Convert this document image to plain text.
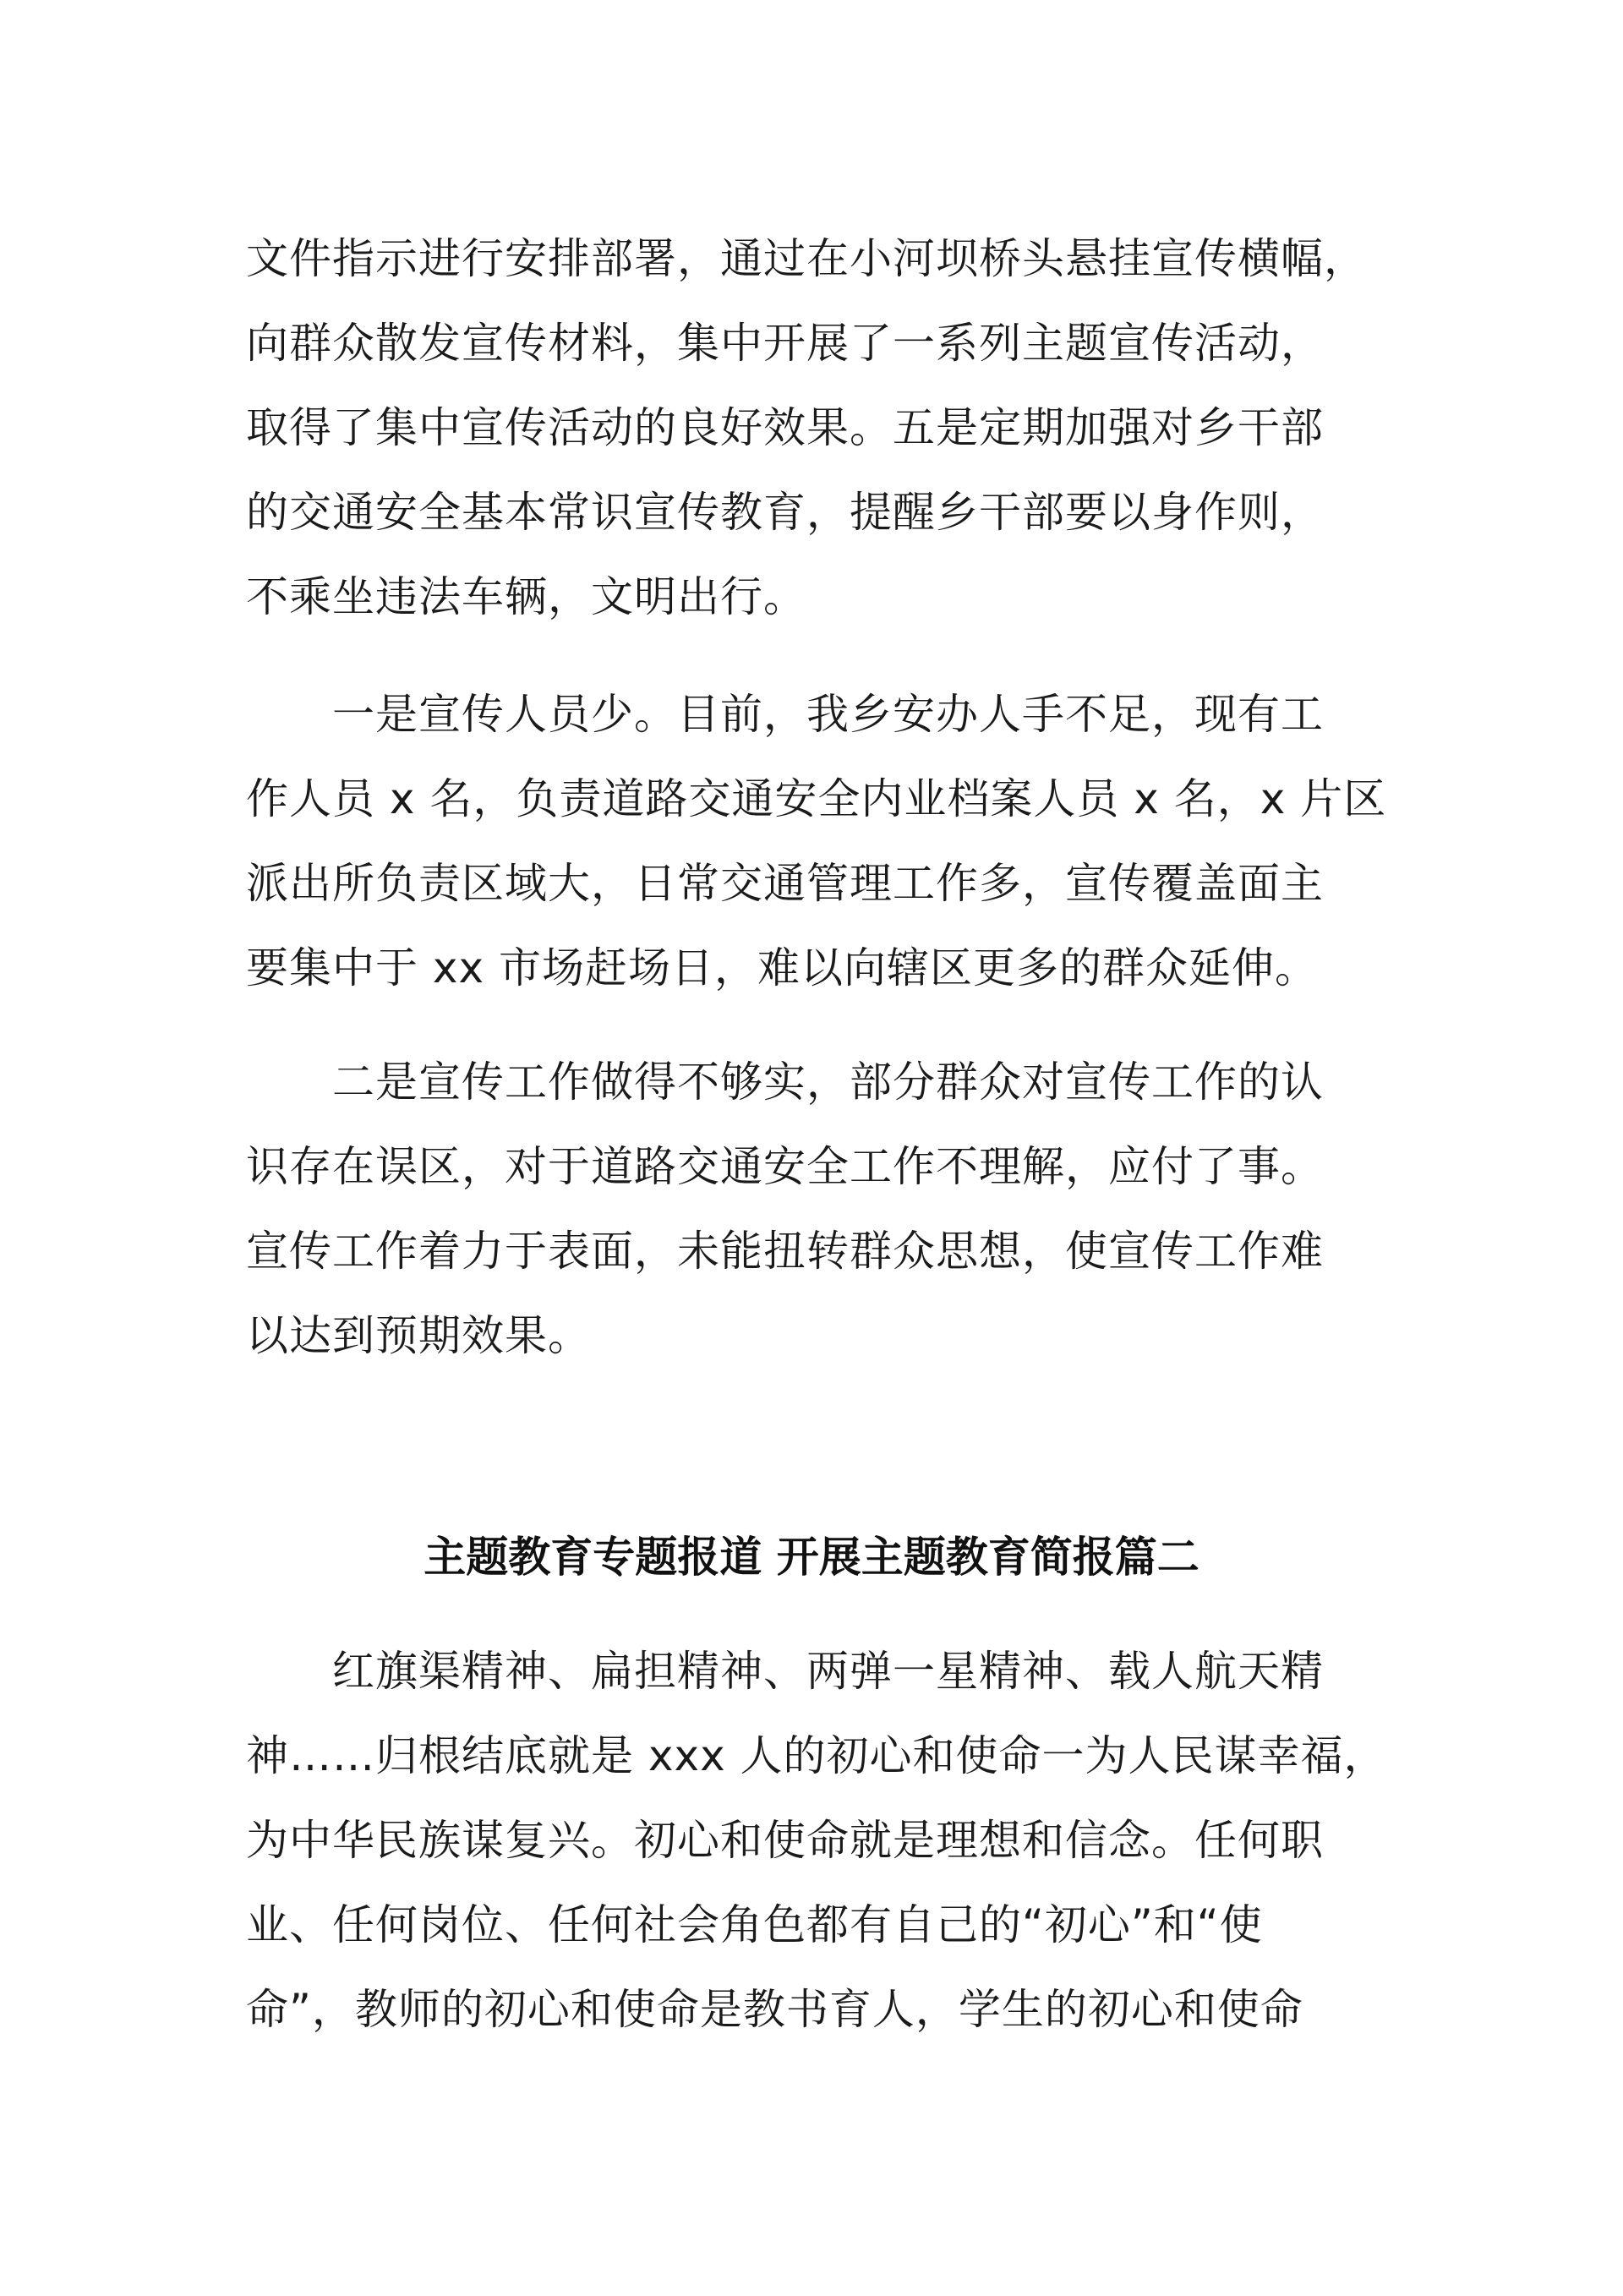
文件指示进行安排部署，通过在小河坝桥头悬挂宣传横幅，
向群众散发宣传材料，集中开展了一系列主题宣传活动，
取得了集中宣传活动的良好效果。五是定期加强对乡干部
的交通安全基本常识宣传教育，提醒乡干部要以身作则，
不乘坐违法车辆，文明出行。
　　一是宣传人员少。目前，我乡安办人手不足，现有工
作人员 x 名，负责道路交通安全内业档案人员 x 名，x 片区
派出所负责区域大，日常交通管理工作多，宣传覆盖面主
要集中于 xx 市场赶场日，难以向辖区更多的群众延伸。
　　二是宣传工作做得不够实，部分群众对宣传工作的认
识存在误区，对于道路交通安全工作不理解，应付了事。
宣传工作着力于表面，未能扭转群众思想，使宣传工作难
以达到预期效果。
主题教育专题报道 开展主题教育简报篇二
　　红旗渠精神、扁担精神、两弹一星精神、载人航天精
神……归根结底就是 xxx 人的初心和使命一为人民谋幸福，
为中华民族谋复兴。初心和使命就是理想和信念。任何职
业、任何岗位、任何社会角色都有自己的“初心”和“使
命”，教师的初心和使命是教书育人，学生的初心和使命
